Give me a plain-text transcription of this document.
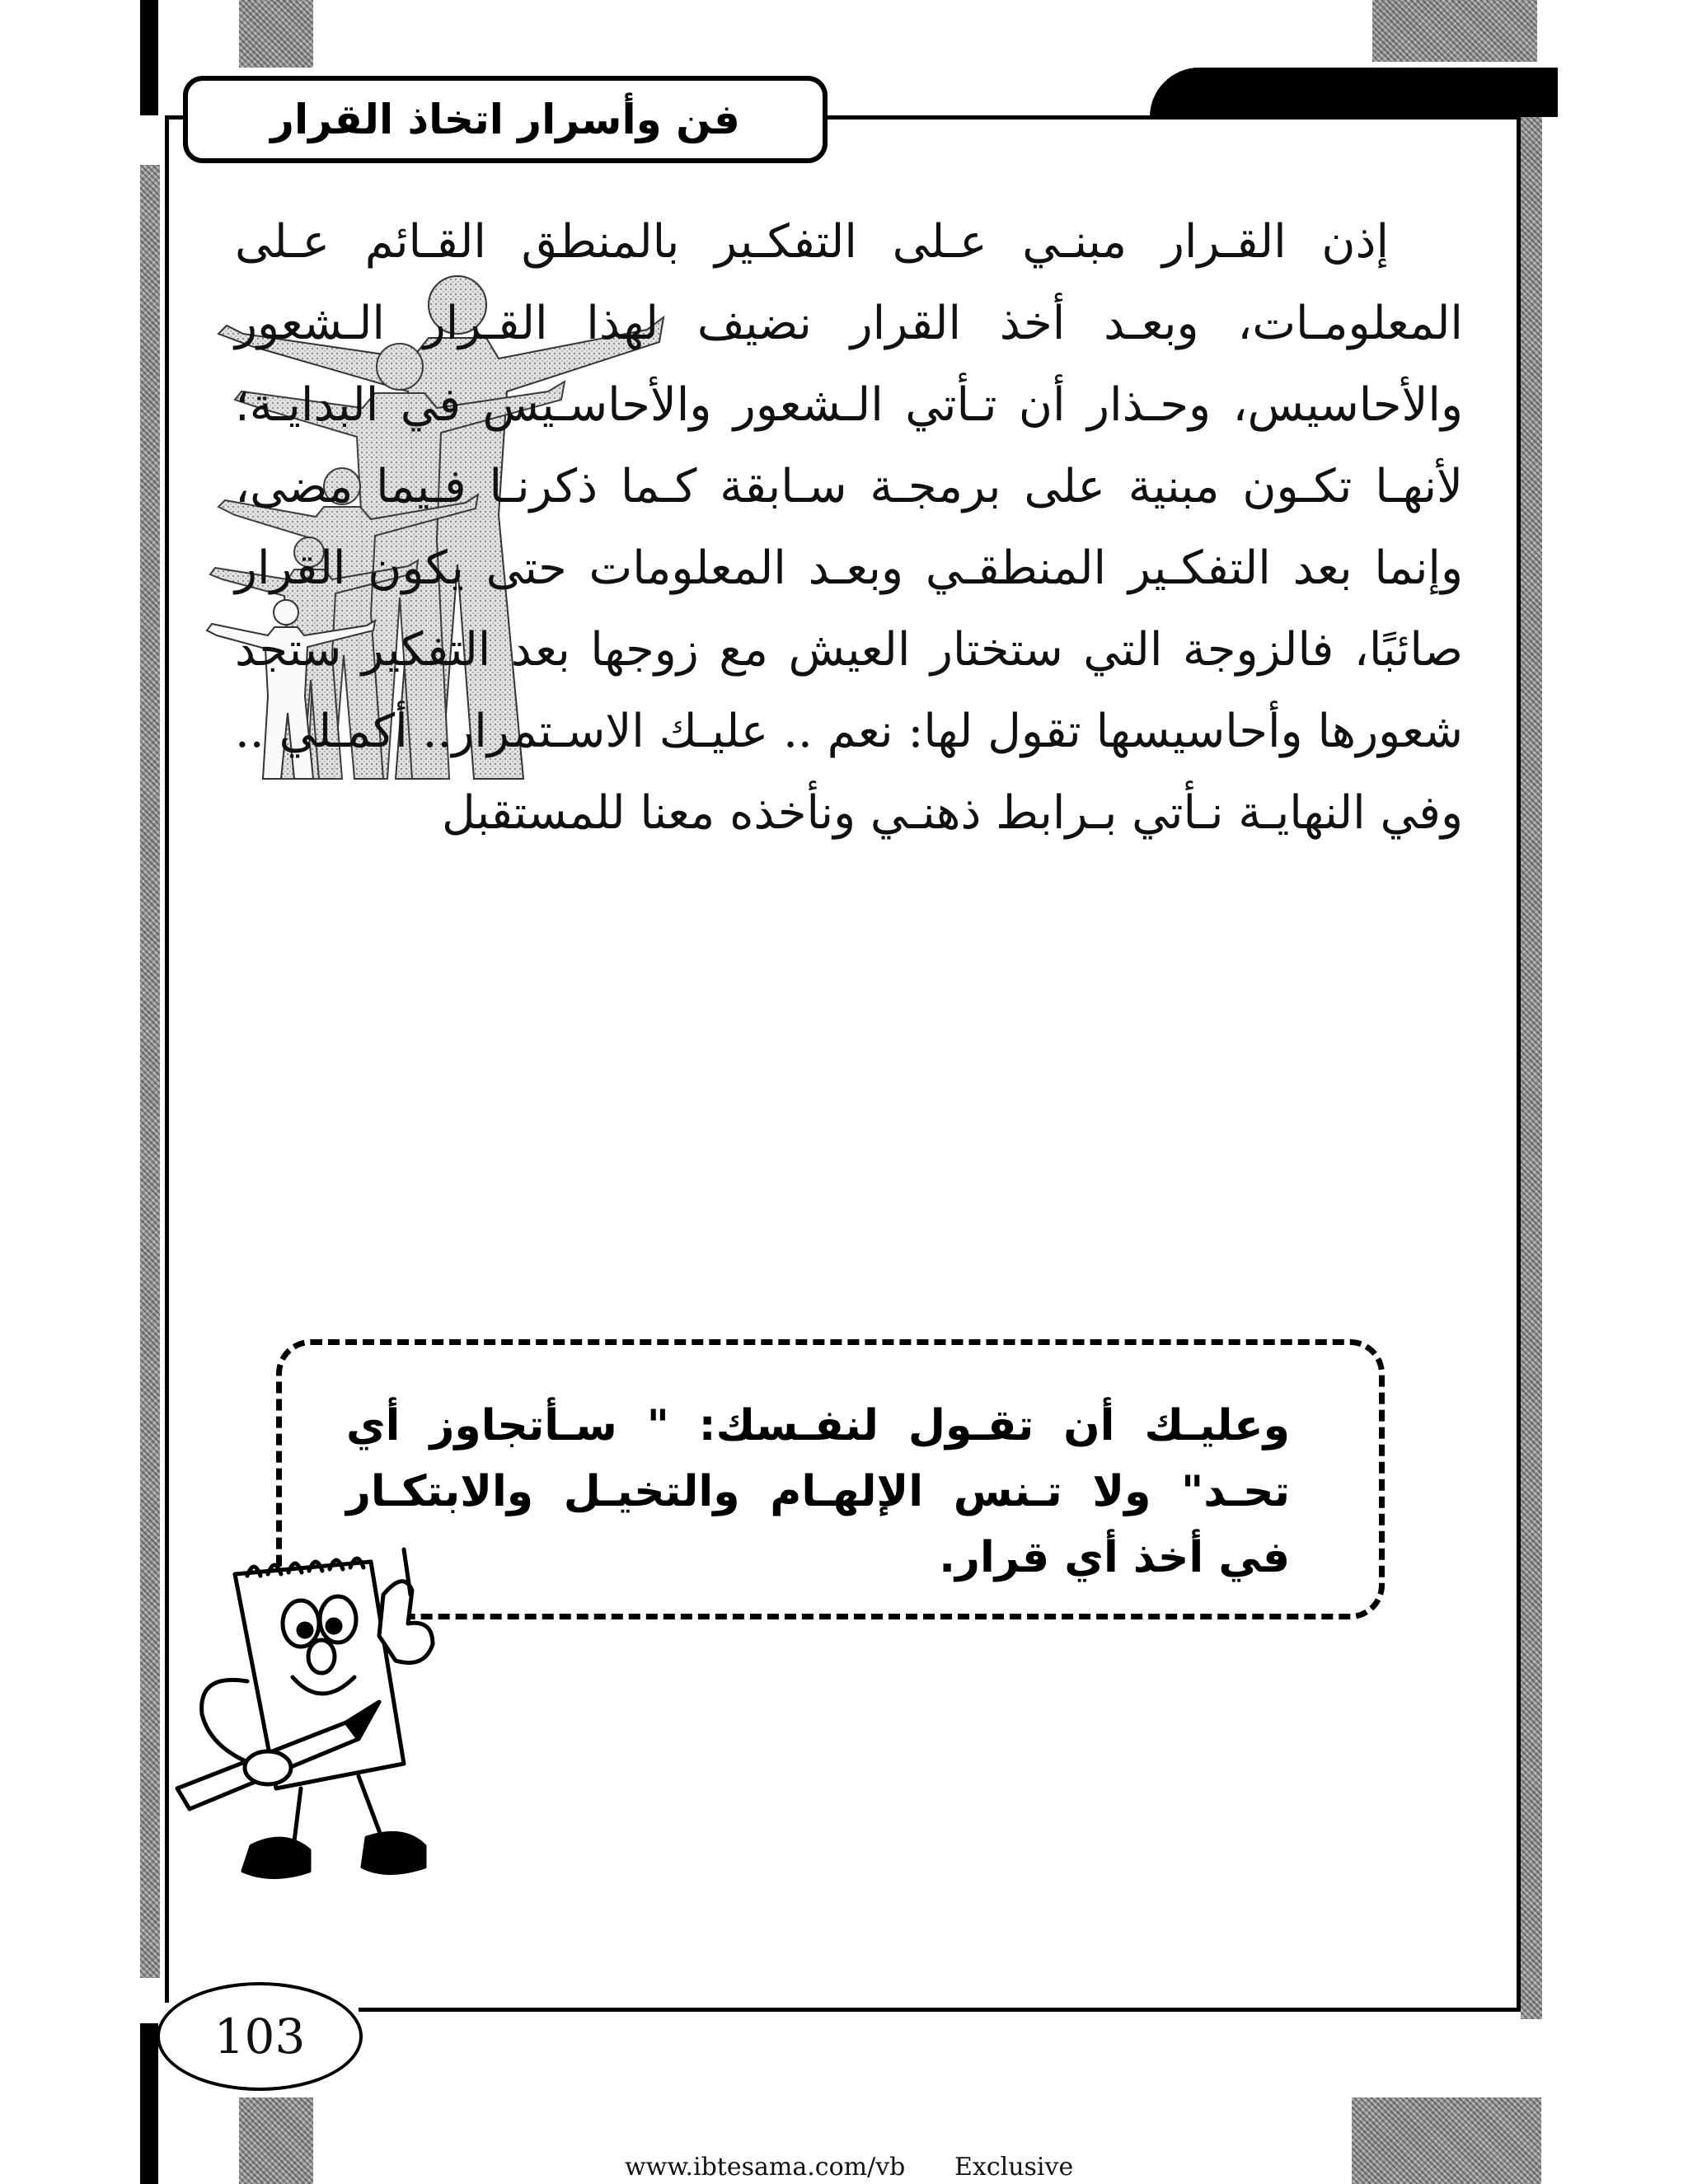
فن وأسرار اتخاذ القرار

إذن القـرار مبنـي عـلى التفكـير بالمنطق القـائم عـلى المعلومـات، وبعـد أخذ القرار نضيف لهذا القـرار الـشعور والأحاسيس، وحـذار أن تـأتي الـشعور والأحاسـيس في البدايـة؛ لأنهـا تكـون مبنية على برمجـة سـابقة كـما ذكرنـا فـيما مضى، وإنما بعد التفكـير المنطقـي وبعـد المعلومات حتى يكون القرار صائبًا، فالزوجة التي ستختار العيش مع زوجها بعد التفكير ستجد شعورها وأحاسيسها تقول لها: نعم .. عليـك الاسـتمرار.. أكمـلي .. وفي النهايـة نـأتي بـرابط ذهنـي ونأخذه معنا للمستقبل

وعليـك أن تقـول لنفـسك: " سـأتجاوز أي تحـد" ولا تـنس الإلهـام والتخيـل والابتكـار في أخذ أي قرار.

103
www.ibtesama.com/vb Exclusive
